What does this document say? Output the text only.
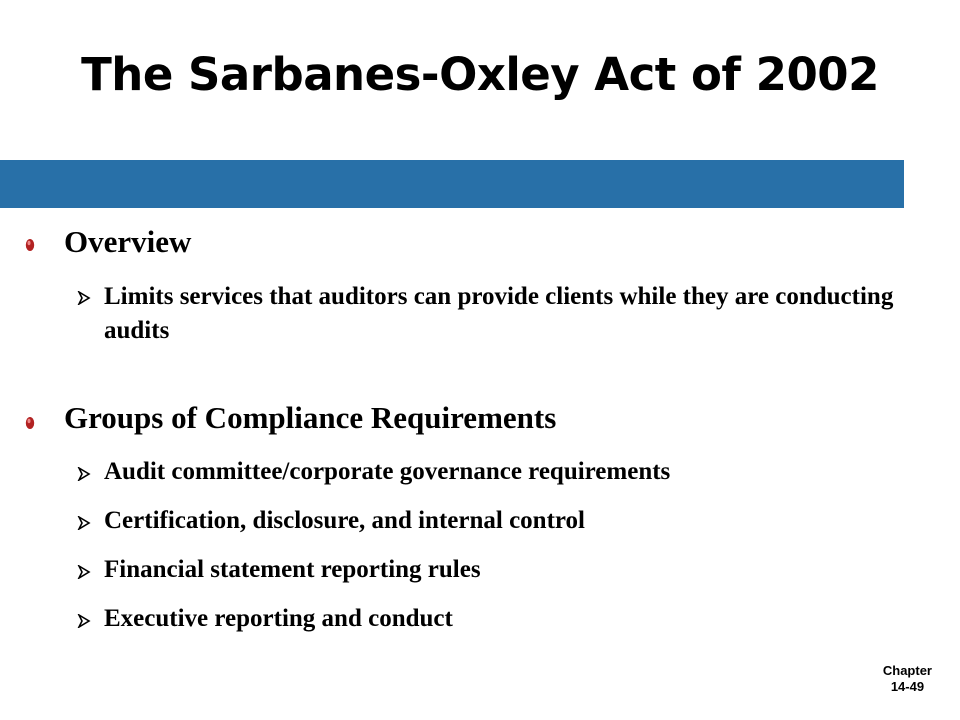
The Sarbanes-Oxley Act of 2002
Overview
Limits services that auditors can provide clients while they are conducting audits
Groups of Compliance Requirements
Audit committee/corporate governance requirements
Certification, disclosure, and internal control
Financial statement reporting rules
Executive reporting and conduct
Chapter
14-49
